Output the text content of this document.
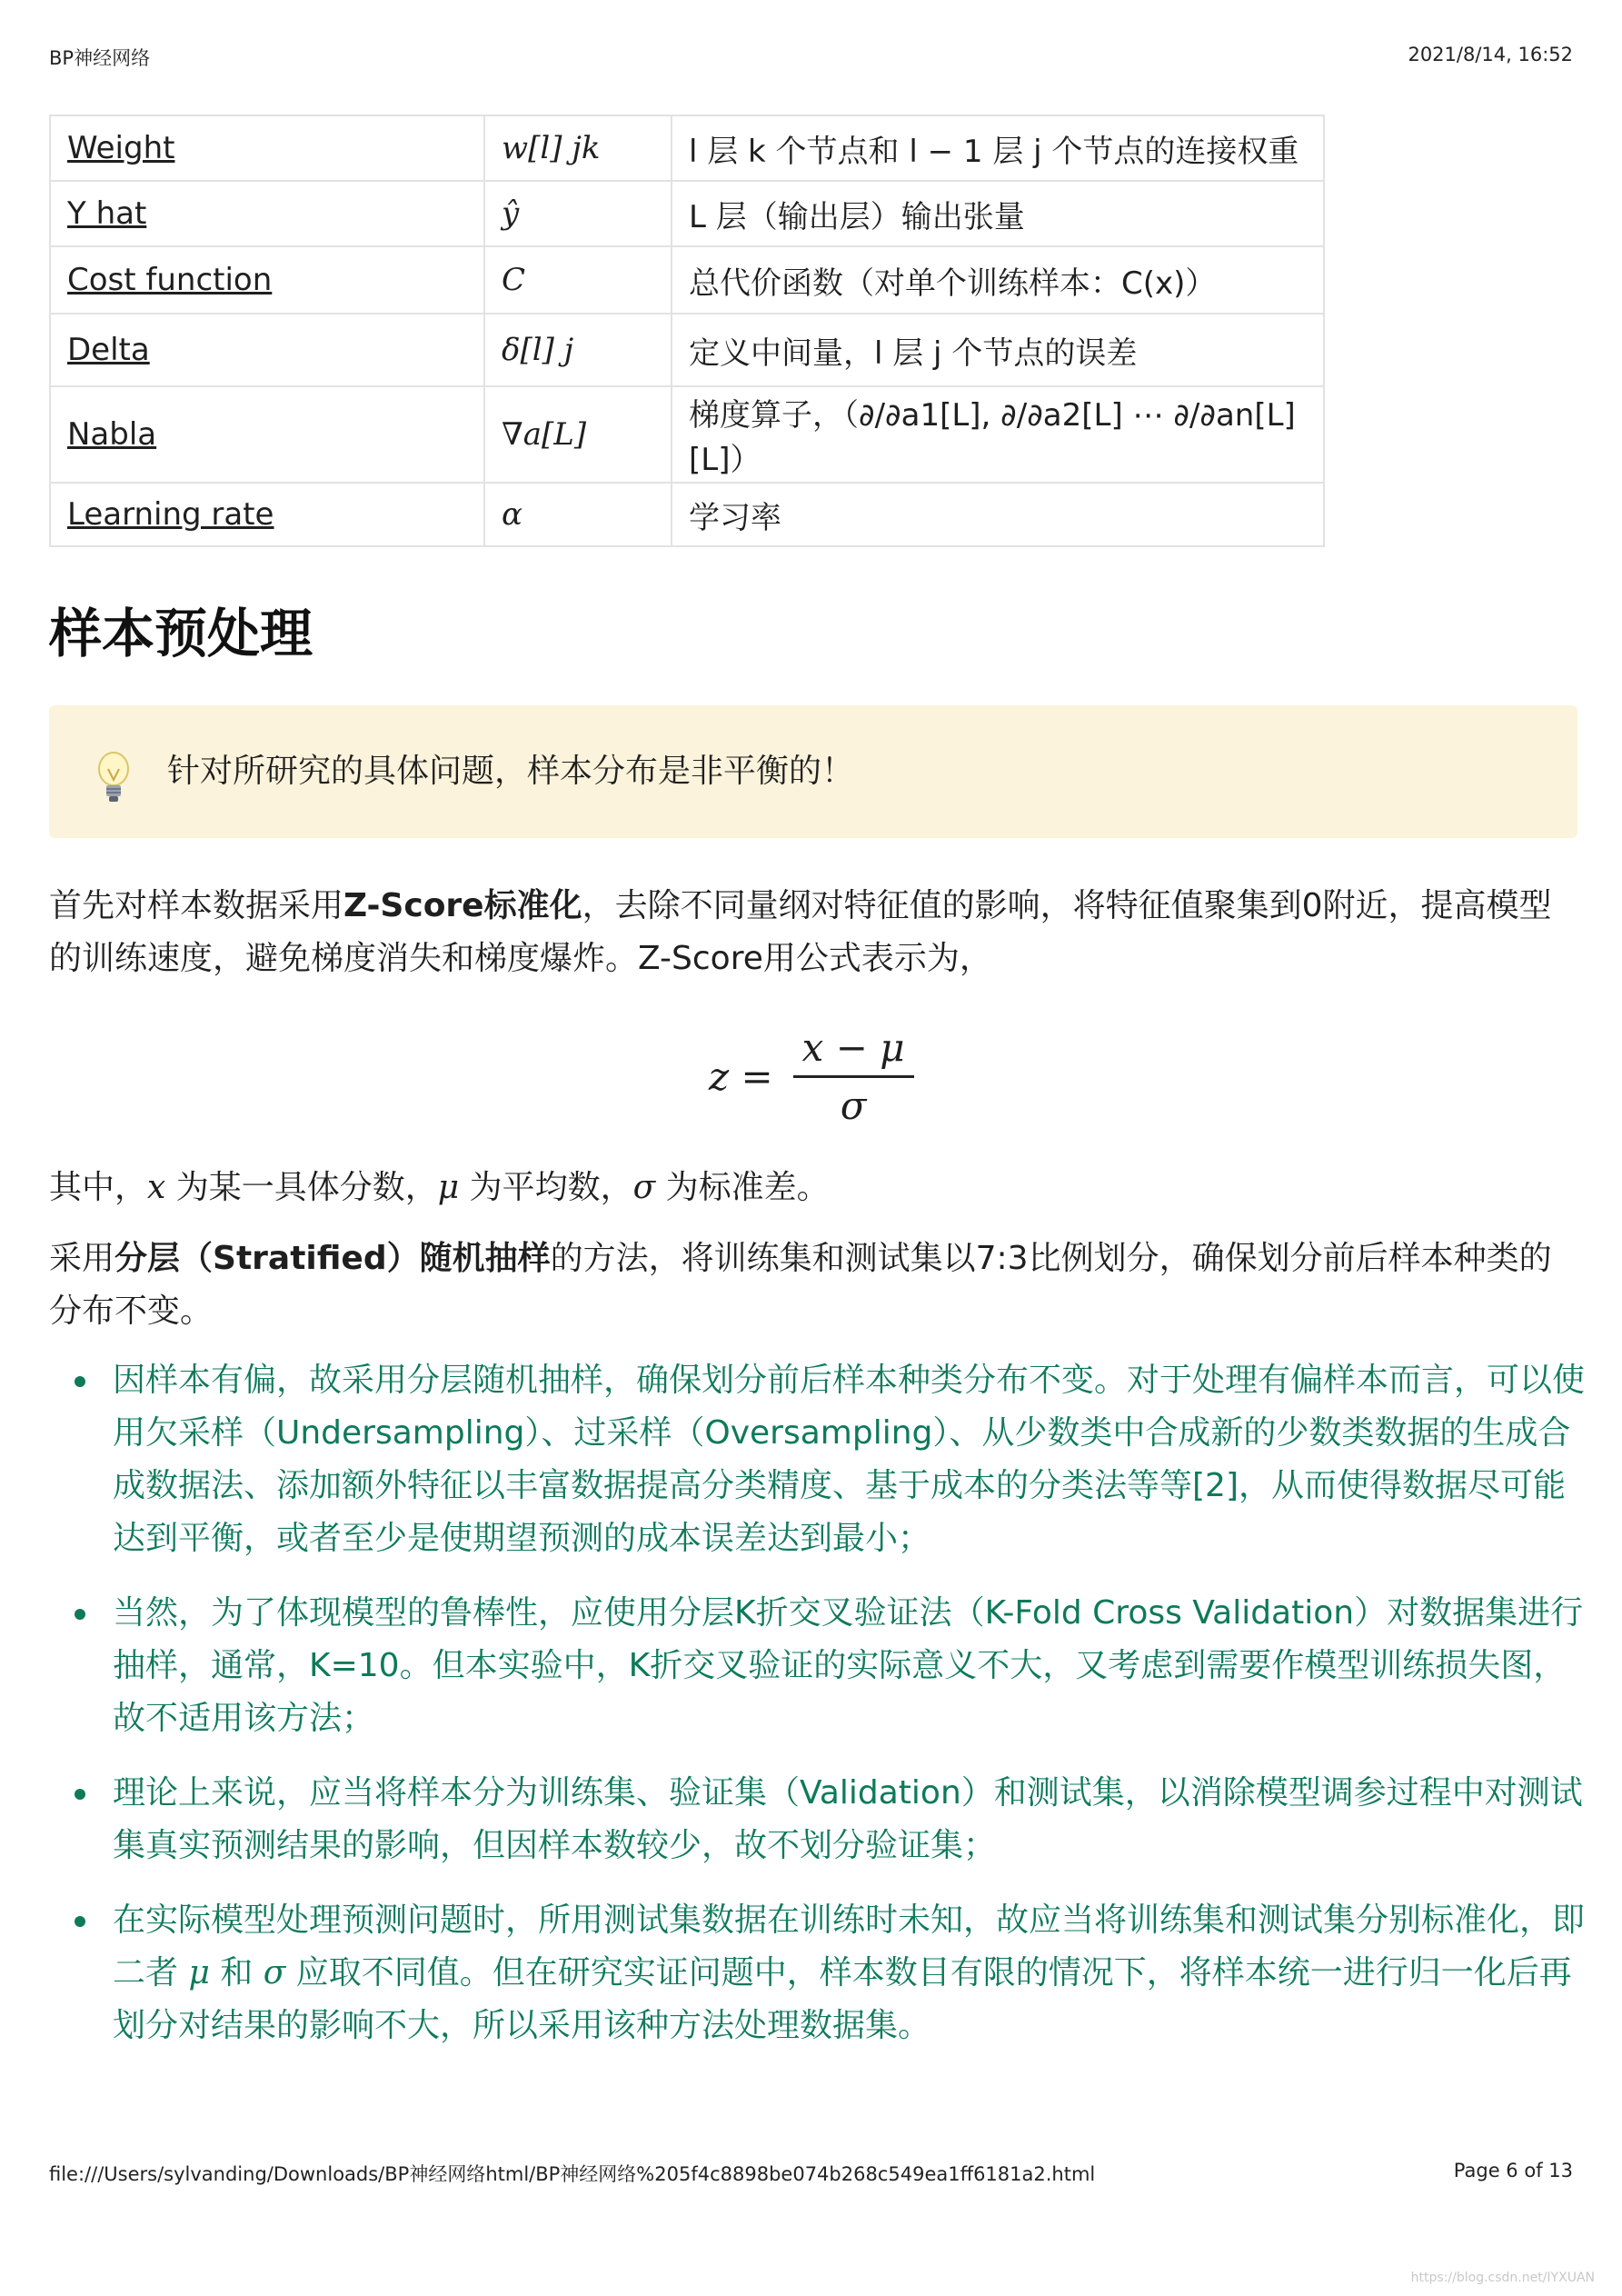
BP神经网络	2021/8/14, 16:52
Weight	w[l] jk	l 层 k 个节点和 l − 1 层 j 个节点的连接权重
Y hat	ŷ	L 层（输出层）输出张量
Cost function	C	总代价函数（对单个训练样本：C(x)）
Delta	δ[l] j	定义中间量，l 层 j 个节点的误差
Nabla	∇a[L]	梯度算子，（∂/∂a1[L], ∂/∂a2[L] ⋯ ∂/∂an[L][L]）
Learning rate	α	学习率
样本预处理
针对所研究的具体问题，样本分布是非平衡的！

首先对样本数据采用Z-Score标准化，去除不同量纲对特征值的影响，将特征值聚集到0附近，提高模型的训练速度，避免梯度消失和梯度爆炸。Z-Score用公式表示为，

$z = \frac{x - \mu}{\sigma}$

其中，x 为某一具体分数，μ 为平均数，σ 为标准差。

采用分层（Stratified）随机抽样的方法，将训练集和测试集以7:3比例划分，确保划分前后样本种类的分布不变。

因样本有偏，故采用分层随机抽样，确保划分前后样本种类分布不变。对于处理有偏样本而言，可以使用欠采样（Undersampling）、过采样（Oversampling）、从少数类中合成新的少数类数据的生成合成数据法、添加额外特征以丰富数据提高分类精度、基于成本的分类法等等[2]，从而使得数据尽可能达到平衡，或者至少是使期望预测的成本误差达到最小；
当然，为了体现模型的鲁棒性，应使用分层K折交叉验证法（K-Fold Cross Validation）对数据集进行抽样，通常，K=10。但本实验中，K折交叉验证的实际意义不大，又考虑到需要作模型训练损失图，故不适用该方法；
理论上来说，应当将样本分为训练集、验证集（Validation）和测试集，以消除模型调参过程中对测试集真实预测结果的影响，但因样本数较少，故不划分验证集；
在实际模型处理预测问题时，所用测试集数据在训练时未知，故应当将训练集和测试集分别标准化，即二者 μ 和 σ 应取不同值。但在研究实证问题中，样本数目有限的情况下，将样本统一进行归一化后再划分对结果的影响不大，所以采用该种方法处理数据集。
file:///Users/sylvanding/Downloads/BP神经网络html/BP神经网络%205f4c8898be074b268c549ea1ff6181a2.html	Page 6 of 13
https://blog.csdn.net/IYXUAN
